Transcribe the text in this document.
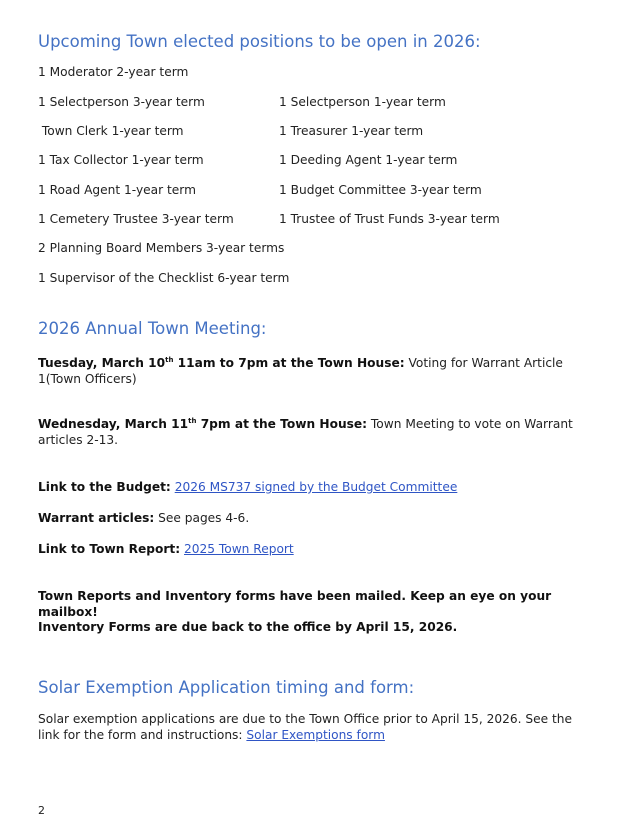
Upcoming Town elected positions to be open in 2026:
1 Moderator 2-year term
1 Selectperson 3-year term	1 Selectperson 1-year term
Town Clerk 1-year term	1 Treasurer 1-year term
1 Tax Collector 1-year term	1 Deeding Agent 1-year term
1 Road Agent 1-year term	1 Budget Committee 3-year term
1 Cemetery Trustee 3-year term	1 Trustee of Trust Funds 3-year term
2 Planning Board Members 3-year terms
1 Supervisor of the Checklist 6-year term
2026 Annual Town Meeting:
Tuesday, March 10th 11am to 7pm at the Town House: Voting for Warrant Article 1(Town Officers)
Wednesday, March 11th 7pm at the Town House: Town Meeting to vote on Warrant articles 2-13.
Link to the Budget: 2026 MS737 signed by the Budget Committee
Warrant articles: See pages 4-6.
Link to Town Report: 2025 Town Report
Town Reports and Inventory forms have been mailed. Keep an eye on your mailbox!
Inventory Forms are due back to the office by April 15, 2026.
Solar Exemption Application timing and form:
Solar exemption applications are due to the Town Office prior to April 15, 2026. See the link for the form and instructions: Solar Exemptions form
2
